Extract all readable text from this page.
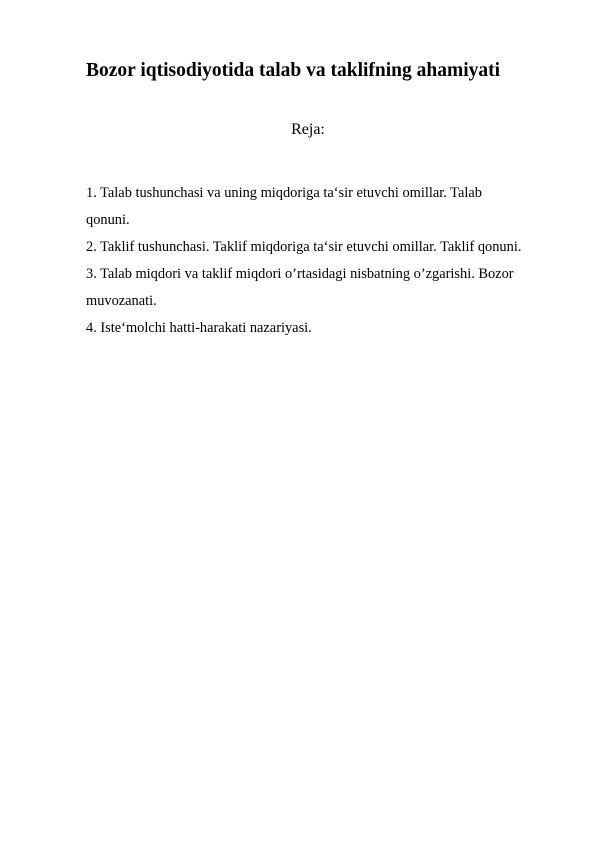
Bozor iqtisodiyotida talab va taklifning ahamiyati
Reja:
1. Talab tushunchasi va uning miqdoriga ta‘sir etuvchi omillar. Talab qonuni.
2. Taklif tushunchasi. Taklif miqdoriga ta‘sir etuvchi omillar. Taklif qonuni.
3. Talab miqdori va taklif miqdori o’rtasidagi nisbatning o’zgarishi. Bozor muvozanati.
4. Iste‘molchi hatti-harakati nazariyasi.
